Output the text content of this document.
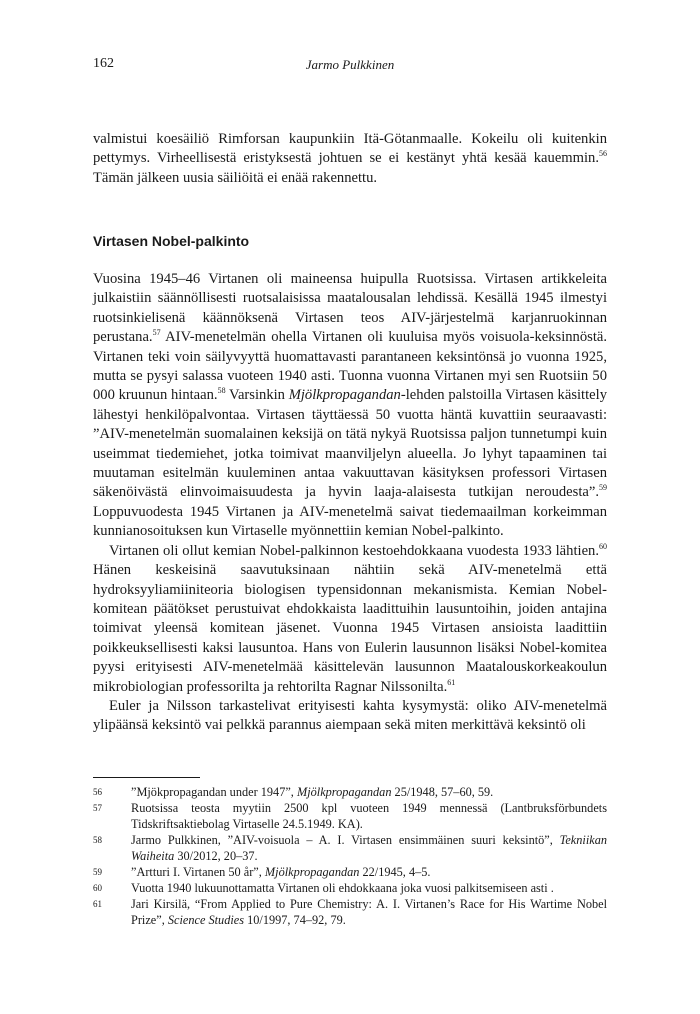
162	Jarmo Pulkkinen

valmistui koesäiliö Rimforsan kaupunkiin Itä-Götanmaalle. Kokeilu oli kuitenkin pettymys. Virheellisestä eristyksestä johtuen se ei kestänyt yhtä kesää kauemmin.$^{56}$ Tämän jälkeen uusia säiliöitä ei enää rakennettu.

Virtasen Nobel-palkinto

Vuosina 1945–46 Virtanen oli maineensa huipulla Ruotsissa. Virtasen artikkeleita julkaistiin säännöllisesti ruotsalaisissa maatalousalan lehdissä. Kesällä 1945 ilmestyi ruotsinkielisenä käännöksenä Virtasen teos AIV-järjestelmä karjanruokinnan perustana.$^{57}$ AIV-menetelmän ohella Virtanen oli kuuluisa myös voisuola-keksinnöstä. Virtanen teki voin säilyvyyttä huomattavasti parantaneen keksintönsä jo vuonna 1925, mutta se pysyi salassa vuoteen 1940 asti. Tuonna vuonna Virtanen myi sen Ruotsiin 50 000 kruunun hintaan.$^{58}$ Varsinkin Mjölkpropagandan-lehden palstoilla Virtasen käsittely lähestyi henkilöpalvontaa. Virtasen täyttäessä 50 vuotta häntä kuvattiin seuraavasti: ”AIV-menetelmän suomalainen keksijä on tätä nykyä Ruotsissa paljon tunnetumpi kuin useimmat tiedemiehet, jotka toimivat maanviljelyn alueella. Jo lyhyt tapaaminen tai muutaman esitelmän kuuleminen antaa vakuuttavan käsityksen professori Virtasen säkenöivästä elinvoimaisuudesta ja hyvin laaja-alaisesta tutkijan neroudesta”.$^{59}$ Loppuvuodesta 1945 Virtanen ja AIV-menetelmä saivat tiedemaailman korkeimman kunnianosoituksen kun Virtaselle myönnettiin kemian Nobel-palkinto.

Virtanen oli ollut kemian Nobel-palkinnon kestoehdokkaana vuodesta 1933 lähtien.$^{60}$ Hänen keskeisinä saavutuksinaan nähtiin sekä AIV-menetelmä että hydroksyyliamiiniteoria biologisen typensidonnan mekanismista. Kemian Nobel-komitean päätökset perustuivat ehdokkaista laadittuihin lausuntoihin, joiden antajina toimivat yleensä komitean jäsenet. Vuonna 1945 Virtasen ansioista laadittiin poikkeuksellisesti kaksi lausuntoa. Hans von Eulerin lausunnon lisäksi Nobel-komitea pyysi erityisesti AIV-menetelmää käsittelevän lausunnon Maatalouskorkeakoulun mikrobiologian professorilta ja rehtorilta Ragnar Nilssonilta.$^{61}$

Euler ja Nilsson tarkastelivat erityisesti kahta kysymystä: oliko AIV-menetelmä ylipäänsä keksintö vai pelkkä parannus aiempaan sekä miten merkittävä keksintö oli

56 ”Mjökpropagandan under 1947”, Mjölkpropagandan 25/1948, 57–60, 59.

57 Ruotsissa teosta myytiin 2500 kpl vuoteen 1949 mennessä (Lantbruksförbundets Tidskriftsaktiebolag Virtaselle 24.5.1949. KA).

58 Jarmo Pulkkinen, ”AIV-voisuola – A. I. Virtasen ensimmäinen suuri keksintö”, Tekniikan Waiheita 30/2012, 20–37.

59 ”Artturi I. Virtanen 50 år”, Mjölkpropagandan 22/1945, 4–5.

60 Vuotta 1940 lukuunottamatta Virtanen oli ehdokkaana joka vuosi palkitsemiseen asti .

61 Jari Kirsilä, “From Applied to Pure Chemistry: A. I. Virtanen’s Race for His Wartime Nobel Prize”, Science Studies 10/1997, 74–92, 79.
